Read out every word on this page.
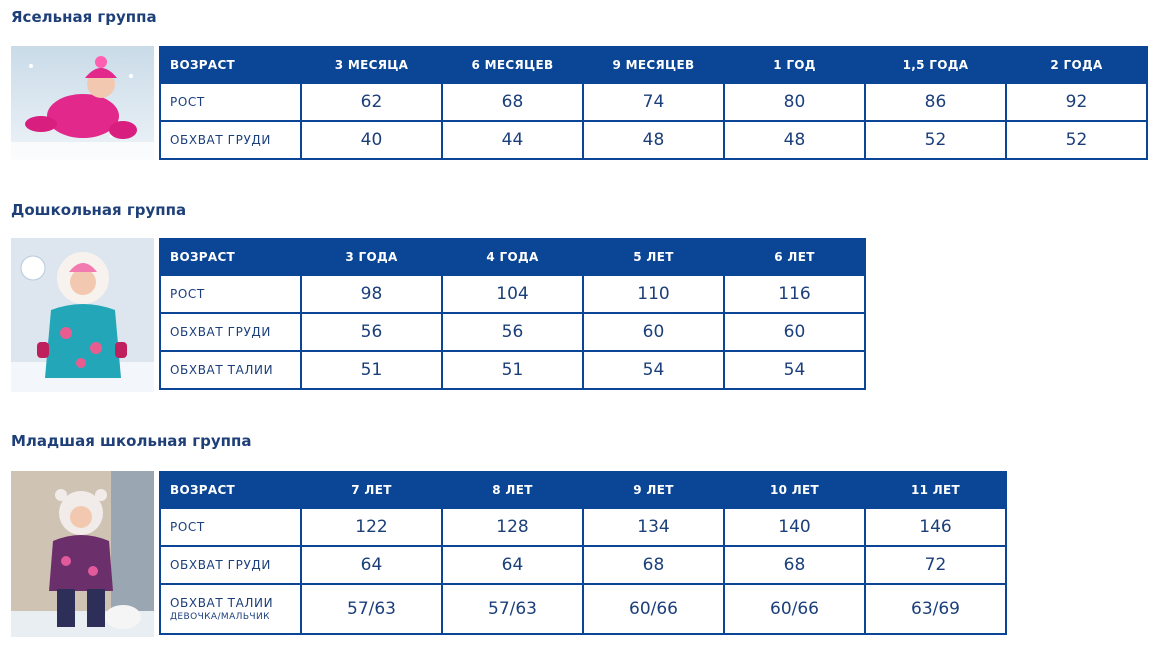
Ясельная группа
ВОЗРАСТ	3 МЕСЯЦА	6 МЕСЯЦЕВ	9 МЕСЯЦЕВ	1 ГОД	1,5 ГОДА	2 ГОДА
РОСТ	62	68	74	80	86	92
ОБХВАТ ГРУДИ	40	44	48	48	52	52
Дошкольная группа
ВОЗРАСТ	3 ГОДА	4 ГОДА	5 ЛЕТ	6 ЛЕТ
РОСТ	98	104	110	116
ОБХВАТ ГРУДИ	56	56	60	60
ОБХВАТ ТАЛИИ	51	51	54	54
Младшая школьная группа
ВОЗРАСТ	7 ЛЕТ	8 ЛЕТ	9 ЛЕТ	10 ЛЕТ	11 ЛЕТ
РОСТ	122	128	134	140	146
ОБХВАТ ГРУДИ	64	64	68	68	72
ОБХВАТ ТАЛИИ
ДЕВОЧКА/МАЛЬЧИК	57/63	57/63	60/66	60/66	63/69
